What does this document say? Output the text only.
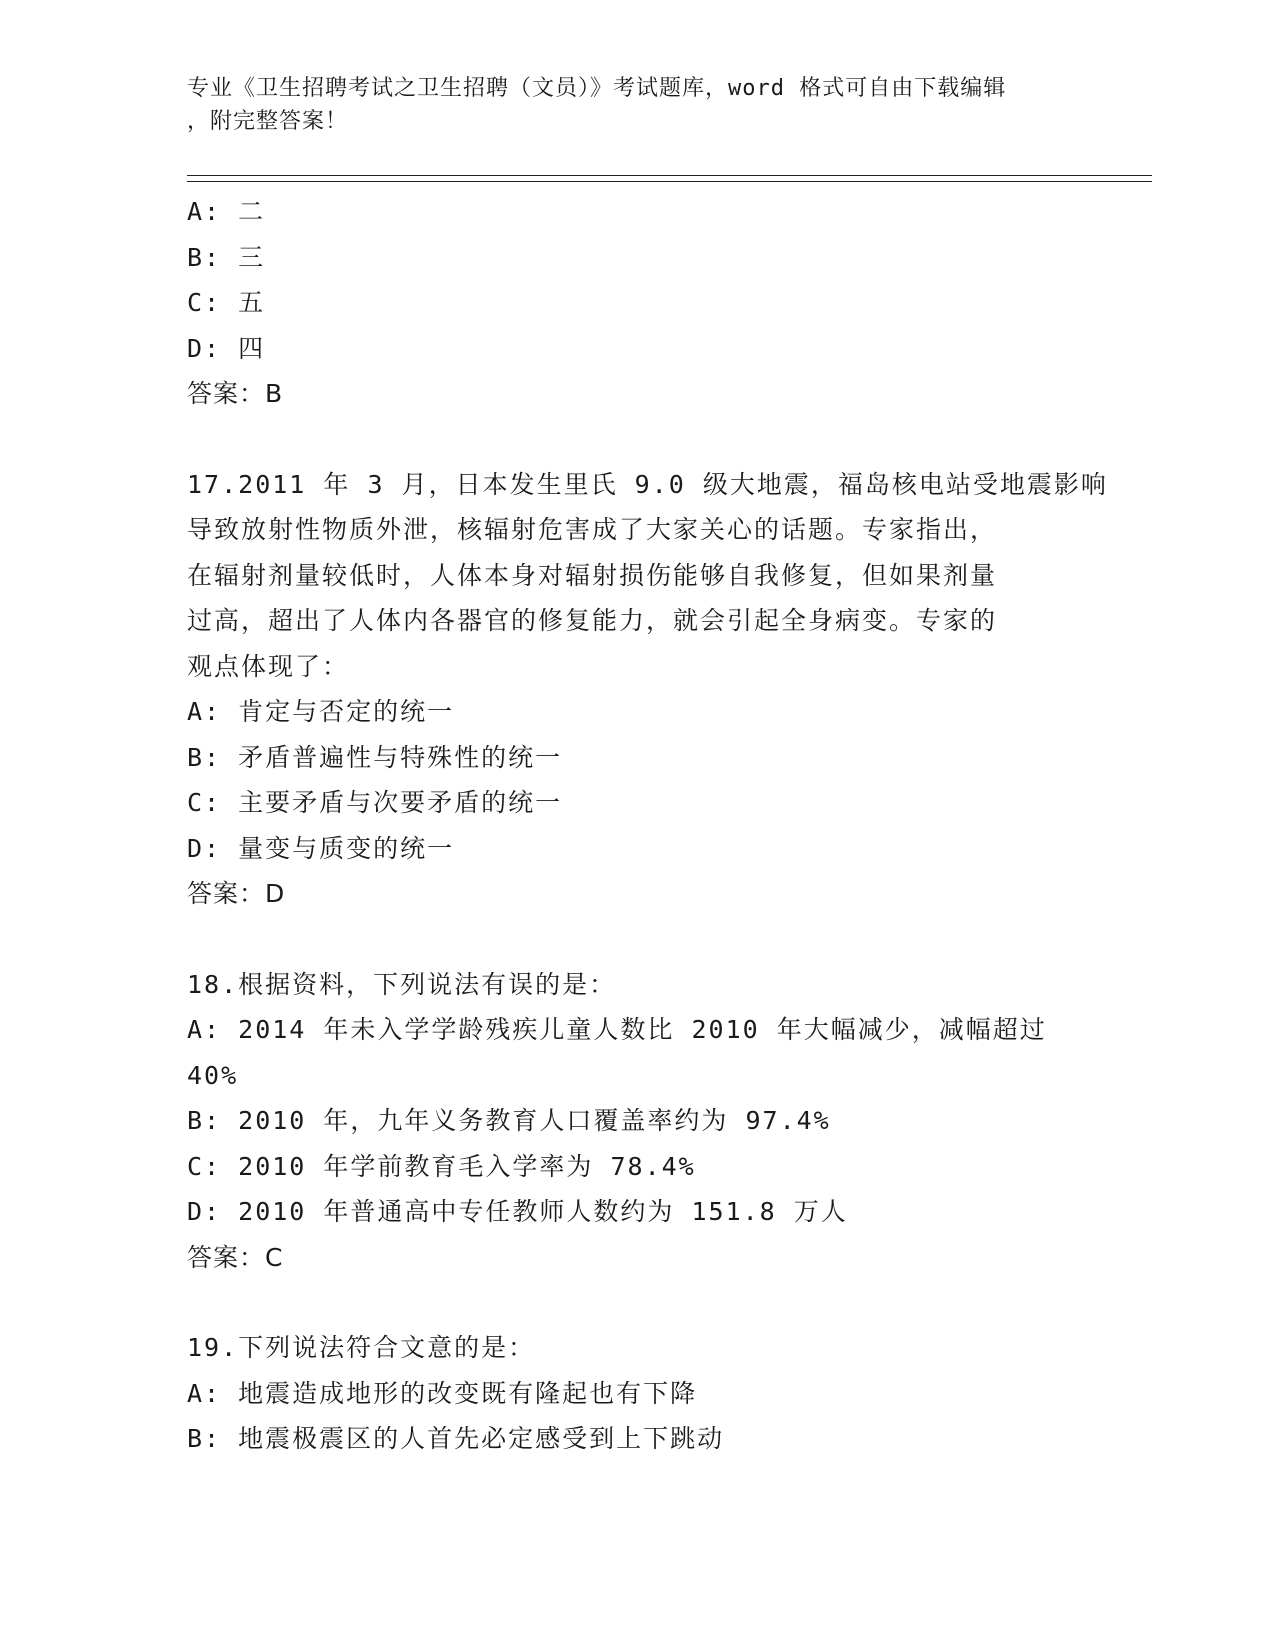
专业《卫生招聘考试之卫生招聘（文员）》考试题库，word 格式可自由下载编辑
，附完整答案！
A: 二
B: 三
C: 五
D: 四
答案：B
17.2011 年 3 月，日本发生里氏 9.0 级大地震，福岛核电站受地震影响
导致放射性物质外泄，核辐射危害成了大家关心的话题。专家指出，
在辐射剂量较低时，人体本身对辐射损伤能够自我修复，但如果剂量
过高，超出了人体内各器官的修复能力，就会引起全身病变。专家的
观点体现了：
A: 肯定与否定的统一
B: 矛盾普遍性与特殊性的统一
C: 主要矛盾与次要矛盾的统一
D: 量变与质变的统一
答案：D
18.根据资料，下列说法有误的是：
A: 2014 年未入学学龄残疾儿童人数比 2010 年大幅减少，减幅超过
40%
B: 2010 年，九年义务教育人口覆盖率约为 97.4%
C: 2010 年学前教育毛入学率为 78.4%
D: 2010 年普通高中专任教师人数约为 151.8 万人
答案：C
19.下列说法符合文意的是：
A: 地震造成地形的改变既有隆起也有下降
B: 地震极震区的人首先必定感受到上下跳动
